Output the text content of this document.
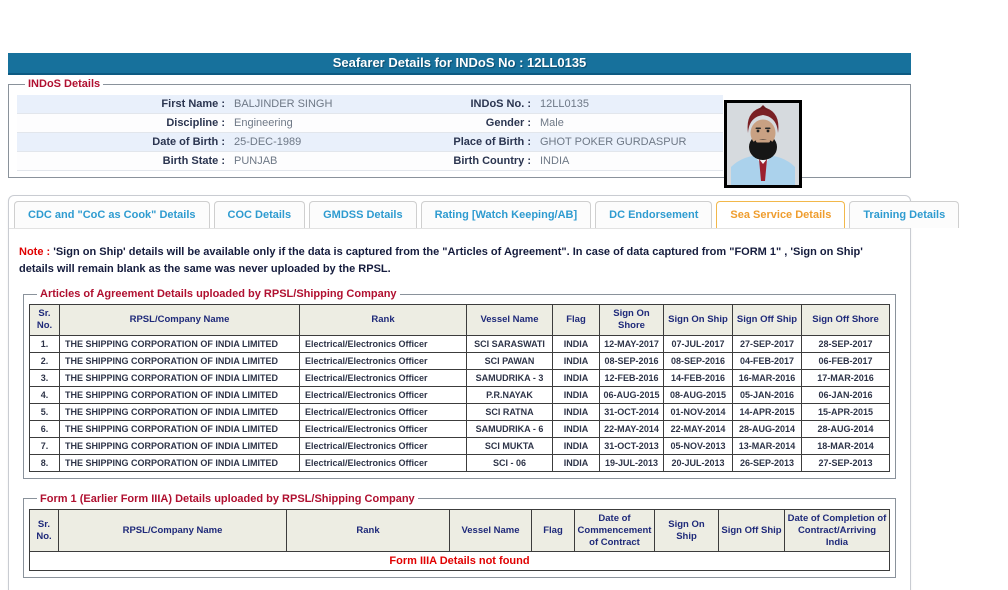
Seafarer Details for INDoS No : 12LL0135
INDoS Details
First Name : BALJINDER SINGH	INDoS No. : 12LL0135
Discipline : Engineering	Gender : Male
Date of Birth : 25-DEC-1989	Place of Birth : GHOT POKER GURDASPUR
Birth State : PUNJAB	Birth Country : INDIA
CDC and "CoC as Cook" Details	COC Details	GMDSS Details	Rating [Watch Keeping/AB]	DC Endorsement	Sea Service Details	Training Details

Note : 'Sign on Ship' details will be available only if the data is captured from the "Articles of Agreement". In case of data captured from "FORM 1" , 'Sign on Ship' details will remain blank as the same was never uploaded by the RPSL.

Articles of Agreement Details uploaded by RPSL/Shipping Company
Sr. No.	RPSL/Company Name	Rank	Vessel Name	Flag	Sign On Shore	Sign On Ship	Sign Off Ship	Sign Off Shore
1.	THE SHIPPING CORPORATION OF INDIA LIMITED	Electrical/Electronics Officer	SCI SARASWATI	INDIA	12-MAY-2017	07-JUL-2017	27-SEP-2017	28-SEP-2017
2.	THE SHIPPING CORPORATION OF INDIA LIMITED	Electrical/Electronics Officer	SCI PAWAN	INDIA	08-SEP-2016	08-SEP-2016	04-FEB-2017	06-FEB-2017
3.	THE SHIPPING CORPORATION OF INDIA LIMITED	Electrical/Electronics Officer	SAMUDRIKA - 3	INDIA	12-FEB-2016	14-FEB-2016	16-MAR-2016	17-MAR-2016
4.	THE SHIPPING CORPORATION OF INDIA LIMITED	Electrical/Electronics Officer	P.R.NAYAK	INDIA	06-AUG-2015	08-AUG-2015	05-JAN-2016	06-JAN-2016
5.	THE SHIPPING CORPORATION OF INDIA LIMITED	Electrical/Electronics Officer	SCI RATNA	INDIA	31-OCT-2014	01-NOV-2014	14-APR-2015	15-APR-2015
6.	THE SHIPPING CORPORATION OF INDIA LIMITED	Electrical/Electronics Officer	SAMUDRIKA - 6	INDIA	22-MAY-2014	22-MAY-2014	28-AUG-2014	28-AUG-2014
7.	THE SHIPPING CORPORATION OF INDIA LIMITED	Electrical/Electronics Officer	SCI MUKTA	INDIA	31-OCT-2013	05-NOV-2013	13-MAR-2014	18-MAR-2014
8.	THE SHIPPING CORPORATION OF INDIA LIMITED	Electrical/Electronics Officer	SCI - 06	INDIA	19-JUL-2013	20-JUL-2013	26-SEP-2013	27-SEP-2013
Form 1 (Earlier Form IIIA) Details uploaded by RPSL/Shipping Company
Sr. No.	RPSL/Company Name	Rank	Vessel Name	Flag	Date of Commencement of Contract	Sign On Ship	Sign Off Ship	Date of Completion of Contract/Arriving India
Form IIIA Details not found
